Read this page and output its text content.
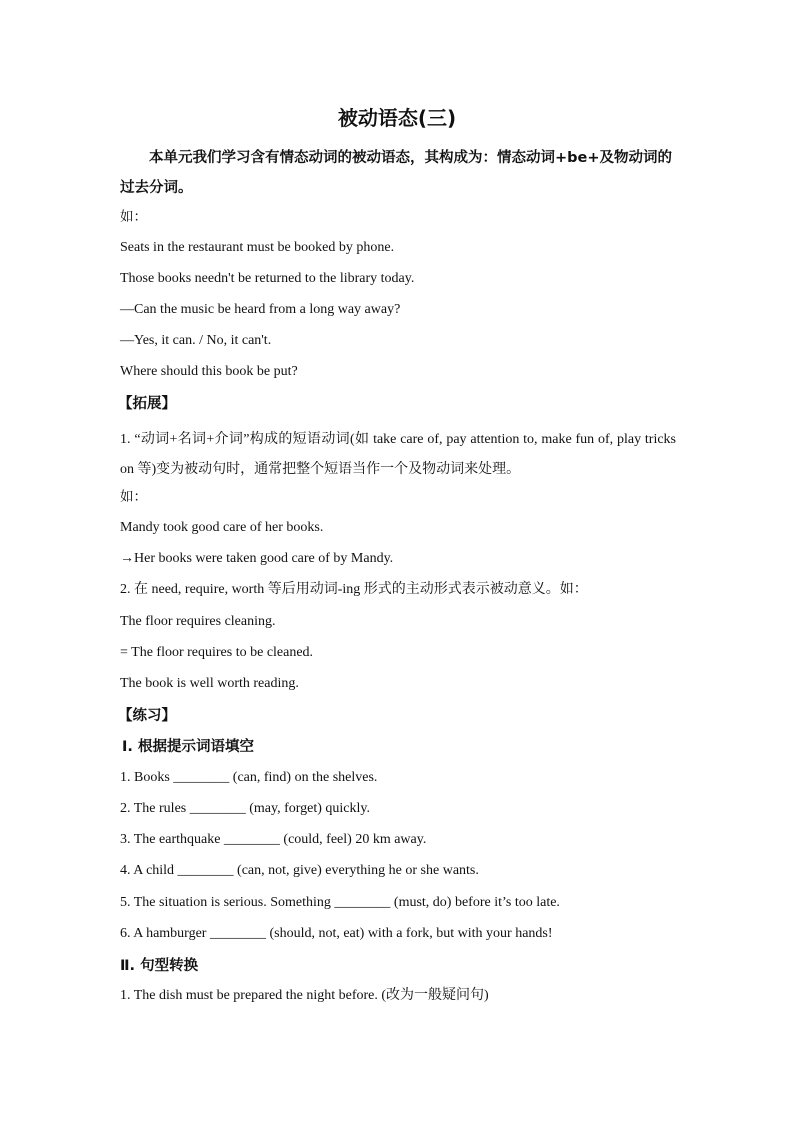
被动语态(三)

本单元我们学习含有情态动词的被动语态，其构成为：情态动词+be+及物动词的过去分词。

如：
Seats in the restaurant must be booked by phone.
Those books needn't be returned to the library today.
—Can the music be heard from a long way away?
—Yes, it can. / No, it can't.
Where should this book be put?
【拓展】

1. “动词+名词+介词”构成的短语动词(如 take care of, pay attention to, make fun of, play tricks on 等)变为被动句时，通常把整个短语当作一个及物动词来处理。

如：
Mandy took good care of her books.
→Her books were taken good care of by Mandy.
2. 在 need, require, worth 等后用动词-ing 形式的主动形式表示被动意义。如：
The floor requires cleaning.
= The floor requires to be cleaned.
The book is well worth reading.
【练习】
Ⅰ. 根据提示词语填空
1. Books ________ (can, find) on the shelves.
2. The rules ________ (may, forget) quickly.
3. The earthquake ________ (could, feel) 20 km away.
4. A child ________ (can, not, give) everything he or she wants.
5. The situation is serious. Something ________ (must, do) before it’s too late.
6. A hamburger ________ (should, not, eat) with a fork, but with your hands!
Ⅱ. 句型转换
1. The dish must be prepared the night before. (改为一般疑问句)
